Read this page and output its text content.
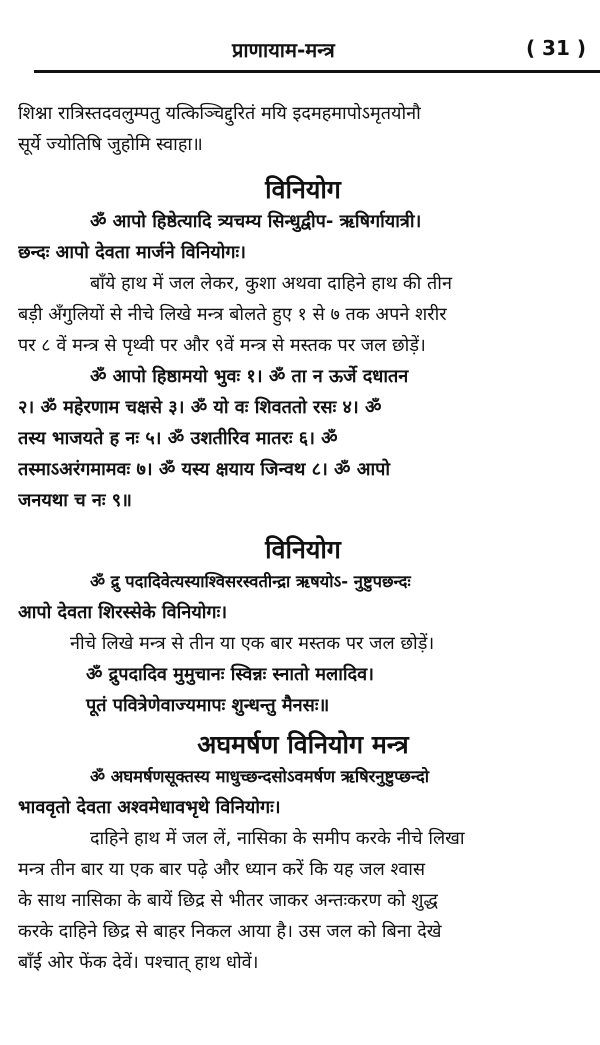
प्राणायाम-मन्त्र	( 31 )

शिश्ना रात्रिस्तदवलुम्पतु यत्किञ्चिद्दुरितं मयि इदमहमापोऽमृतयोनौ

सूर्ये ज्योतिषि जुहोमि स्वाहा॥

विनियोग

ॐ आपो हिष्ठेत्यादि त्र्यचम्य सिन्धुद्वीप- ऋषिर्गायात्री।

छन्दः आपो देवता मार्जने विनियोगः।

बाँये हाथ में जल लेकर, कुशा अथवा दाहिने हाथ की तीन

बड़ी अँगुलियों से नीचे लिखे मन्त्र बोलते हुए १ से ७ तक अपने शरीर

पर ८ वें मन्त्र से पृथ्वी पर और ९वें मन्त्र से मस्तक पर जल छोड़ें।

ॐ आपो हिष्ठामयो भुवः १। ॐ ता न ऊर्जे दधातन

२। ॐ महेरणाम चक्षसे ३। ॐ यो वः शिवततो रसः ४। ॐ

तस्य भाजयते ह नः ५। ॐ उशतीरिव मातरः ६। ॐ

तस्माऽअरंगमामवः ७। ॐ यस्य क्षयाय जिन्वथ ८। ॐ आपो

जनयथा च नः ९॥

विनियोग

ॐ द्रु पदादिवेत्यस्याश्विसरस्वतीन्द्रा ऋषयोऽ- नुष्टुपछन्दः

आपो देवता शिरस्सेके विनियोगः।

नीचे लिखे मन्त्र से तीन या एक बार मस्तक पर जल छोड़ें।

ॐ द्रुपदादिव मुमुचानः स्विन्नः स्नातो मलादिव।

पूतं पवित्रेणेवाज्यमापः शुन्धन्तु मैनसः॥

अघमर्षण विनियोग मन्त्र

ॐ अघमर्षणसूक्तस्य माधुच्छन्दसोऽवमर्षण ऋषिरनुष्टुप्छन्दो

भाववृतो देवता अश्वमेधावभृथे विनियोगः।

दाहिने हाथ में जल लें, नासिका के समीप करके नीचे लिखा

मन्त्र तीन बार या एक बार पढ़े और ध्यान करें कि यह जल श्वास

के साथ नासिका के बायें छिद्र से भीतर जाकर अन्तःकरण को शुद्ध

करके दाहिने छिद्र से बाहर निकल आया है। उस जल को बिना देखे

बाँई ओर फेंक देवें। पश्चात् हाथ धोवें।
